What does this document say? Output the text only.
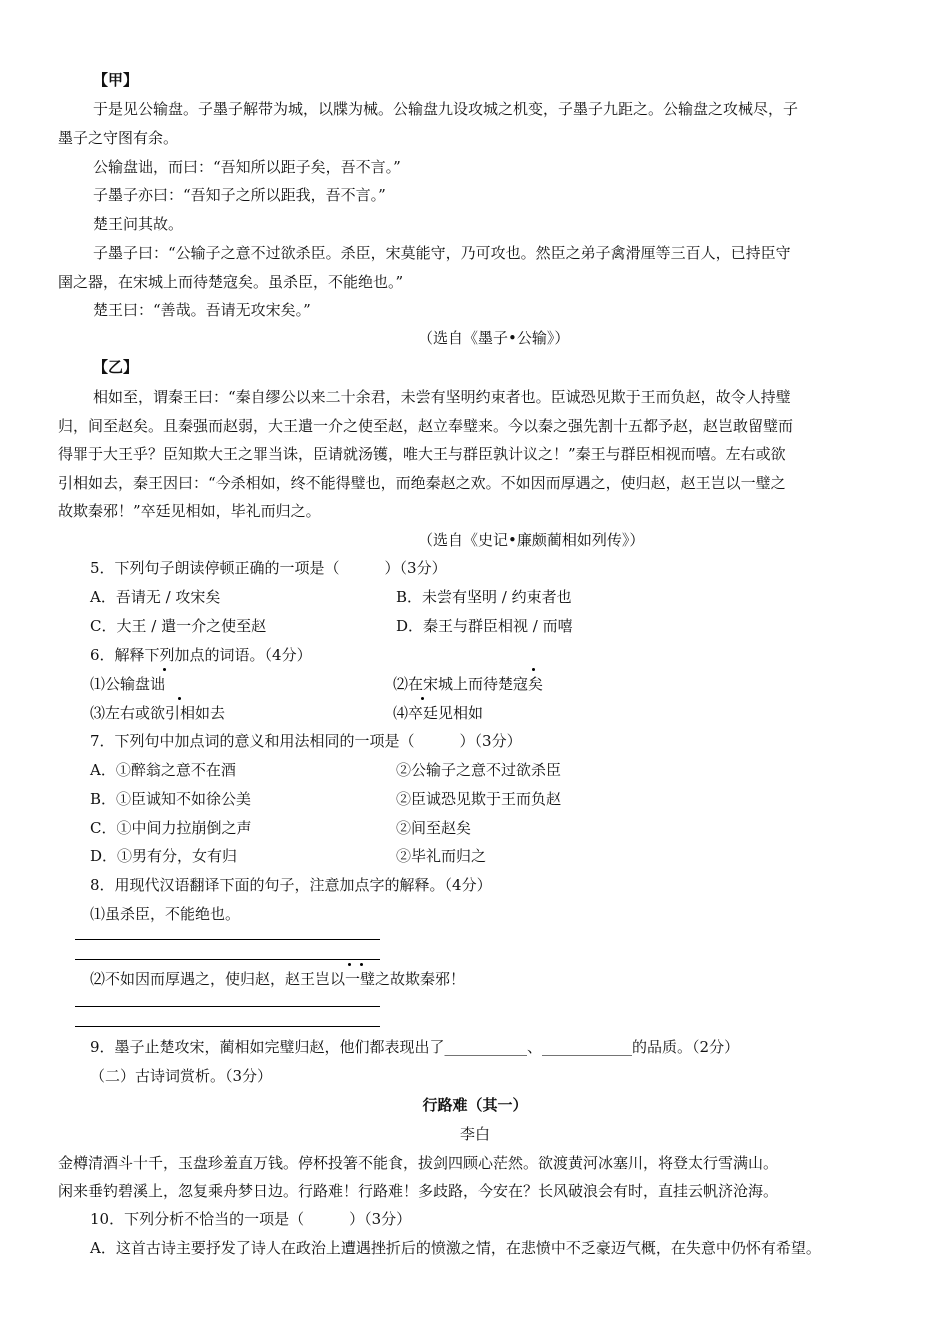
【甲】
于是见公输盘。子墨子解带为城，以牒为械。公输盘九设攻城之机变，子墨子九距之。公输盘之攻械尽，子
墨子之守图有余。
公输盘诎，而曰：“吾知所以距子矣，吾不言。”
子墨子亦曰：“吾知子之所以距我，吾不言。”
楚王问其故。
子墨子曰：“公输子之意不过欲杀臣。杀臣，宋莫能守，乃可攻也。然臣之弟子禽滑厘等三百人，已持臣守
圉之器，在宋城上而待楚寇矣。虽杀臣，不能绝也。”
楚王曰：“善哉。吾请无攻宋矣。”
（选自《墨子•公输》）
【乙】
相如至，谓秦王曰：“秦自缪公以来二十余君，未尝有坚明约束者也。臣诚恐见欺于王而负赵，故令人持璧
归，间至赵矣。且秦强而赵弱，大王遣一介之使至赵，赵立奉璧来。今以秦之强先割十五都予赵，赵岂敢留璧而
得罪于大王乎？臣知欺大王之罪当诛，臣请就汤镬，唯大王与群臣孰计议之！”秦王与群臣相视而嘻。左右或欲
引相如去，秦王因曰：“今杀相如，终不能得璧也，而绝秦赵之欢。不如因而厚遇之，使归赵，赵王岂以一璧之
故欺秦邪！”卒廷见相如，毕礼而归之。
（选自《史记•廉颇蔺相如列传》）
5．下列句子朗读停顿正确的一项是（　　　）（3分）
A．吾请无 / 攻宋矣	B．未尝有坚明 / 约束者也
C．大王 / 遣一介之使至赵	D．秦王与群臣相视 / 而嘻
6．解释下列加点的词语。（4分）
⑴公输盘诎	⑵在宋城上而待楚寇矣
⑶左右或欲引相如去	⑷卒廷见相如
7．下列句中加点词的意义和用法相同的一项是（　　　）（3分）
A．①醉翁之意不在酒	②公输子之意不过欲杀臣
B．①臣诚知不如徐公美	②臣诚恐见欺于王而负赵
C．①中间力拉崩倒之声	②间至赵矣
D．①男有分，女有归	②毕礼而归之
8．用现代汉语翻译下面的句子，注意加点字的解释。（4分）
⑴虽杀臣，不能绝也。
⑵不如因而厚遇之，使归赵，赵王岂以一璧之故欺秦邪！
9．墨子止楚攻宋，蔺相如完璧归赵，他们都表现出了___________、____________的品质。（2分）
（二）古诗词赏析。（3分）
行路难（其一）
李白
金樽清酒斗十千，玉盘珍羞直万钱。停杯投箸不能食，拔剑四顾心茫然。欲渡黄河冰塞川，将登太行雪满山。
闲来垂钓碧溪上，忽复乘舟梦日边。行路难！行路难！多歧路，今安在？长风破浪会有时，直挂云帆济沧海。
10．下列分析不恰当的一项是（　　　）（3分）
A．这首古诗主要抒发了诗人在政治上遭遇挫折后的愤激之情，在悲愤中不乏豪迈气概，在失意中仍怀有希望。
